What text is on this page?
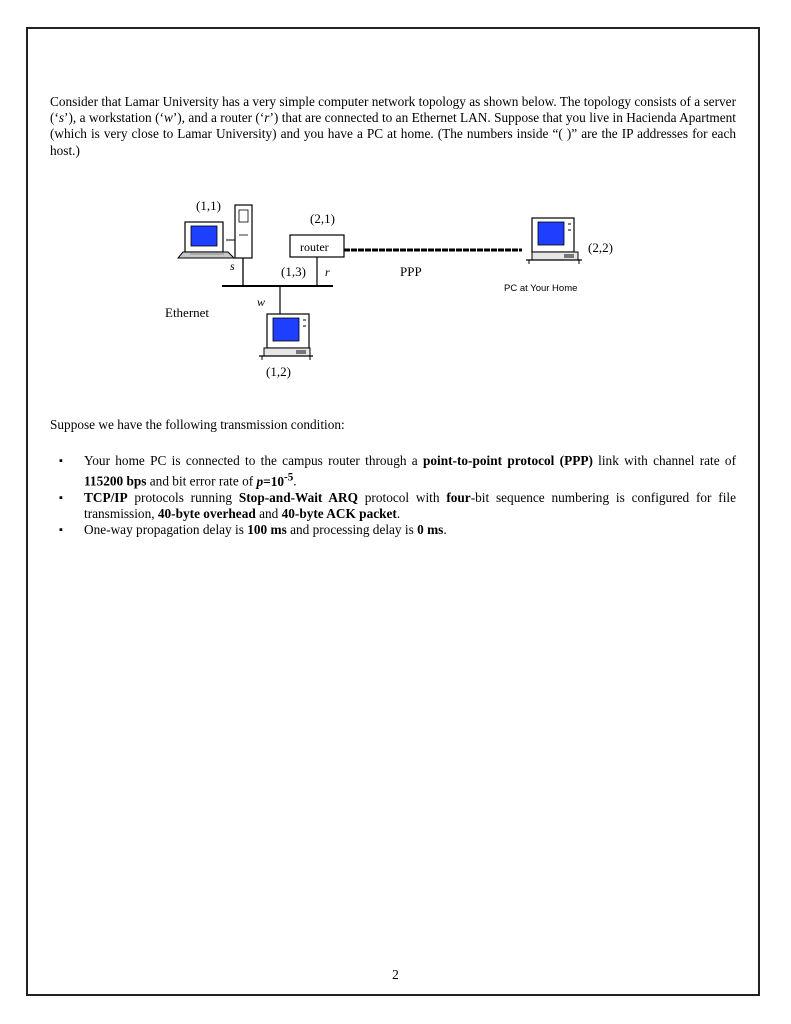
Consider that Lamar University has a very simple computer network topology as shown below. The topology consists of a server (‘s’), a workstation (‘w’), and a router (‘r’) that are connected to an Ethernet LAN. Suppose that you live in Hacienda Apartment (which is very close to Lamar University) and you have a PC at home. (The numbers inside “( )” are the IP addresses for each host.)

(1,1)
s
Ethernet
(2,1)
router
(1,3) r	PPP
(2,2)
PC at Your Home
w
(1,2)

Suppose we have the following transmission condition:

▪ Your home PC is connected to the campus router through a point-to-point protocol (PPP) link with channel rate of 115200 bps and bit error rate of $p=10^{-5}$.
▪ TCP/IP protocols running Stop-and-Wait ARQ protocol with four-bit sequence numbering is configured for file transmission, 40-byte overhead and 40-byte ACK packet.
▪ One-way propagation delay is 100 ms and processing delay is 0 ms.
2
